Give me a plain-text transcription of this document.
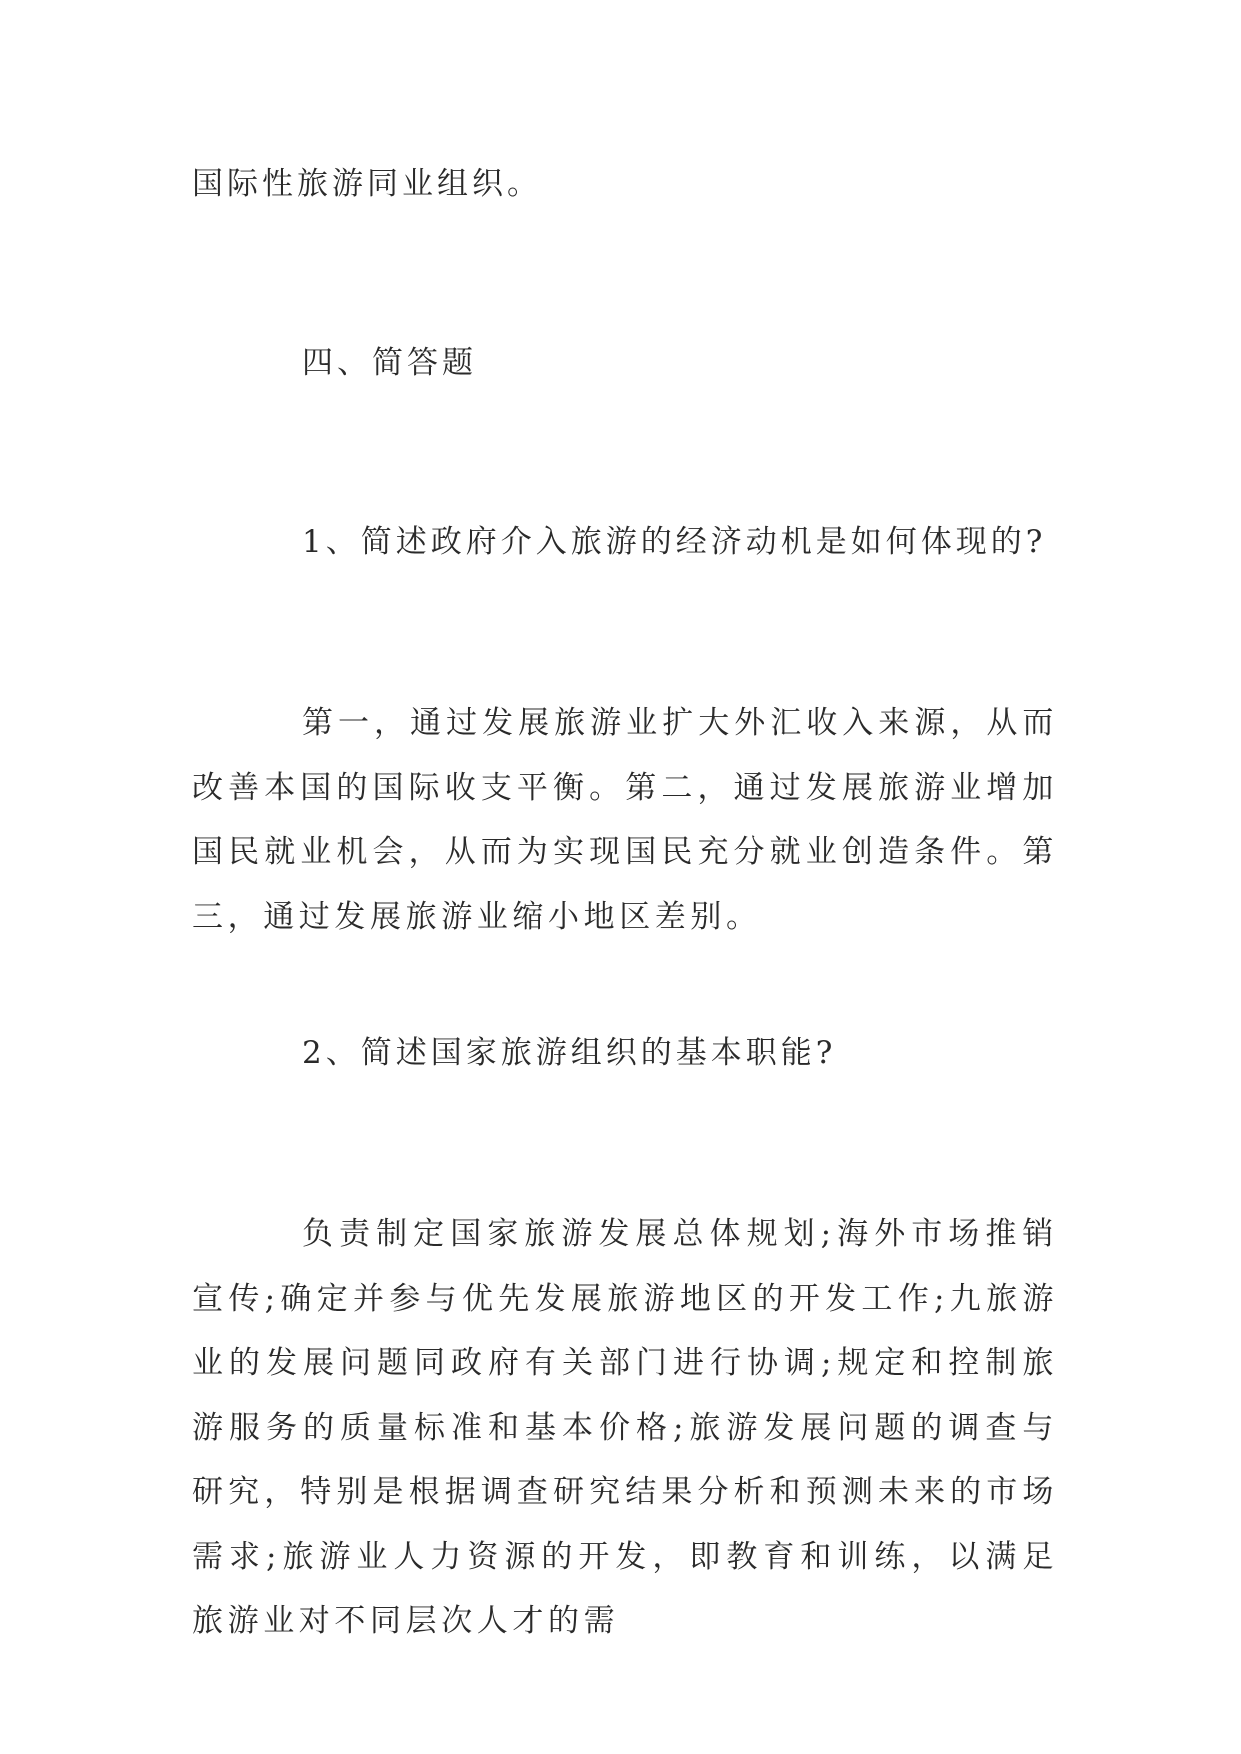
国际性旅游同业组织。
四、简答题
1、简述政府介入旅游的经济动机是如何体现的?
第一，通过发展旅游业扩大外汇收入来源，从而改善本国的国际收支平衡。第二，通过发展旅游业增加国民就业机会，从而为实现国民充分就业创造条件。第三，通过发展旅游业缩小地区差别。
2、简述国家旅游组织的基本职能?
负责制定国家旅游发展总体规划;海外市场推销宣传;确定并参与优先发展旅游地区的开发工作;九旅游业的发展问题同政府有关部门进行协调;规定和控制旅游服务的质量标准和基本价格;旅游发展问题的调查与研究，特别是根据调查研究结果分析和预测未来的市场需求;旅游业人力资源的开发，即教育和训练，以满足旅游业对不同层次人才的需
